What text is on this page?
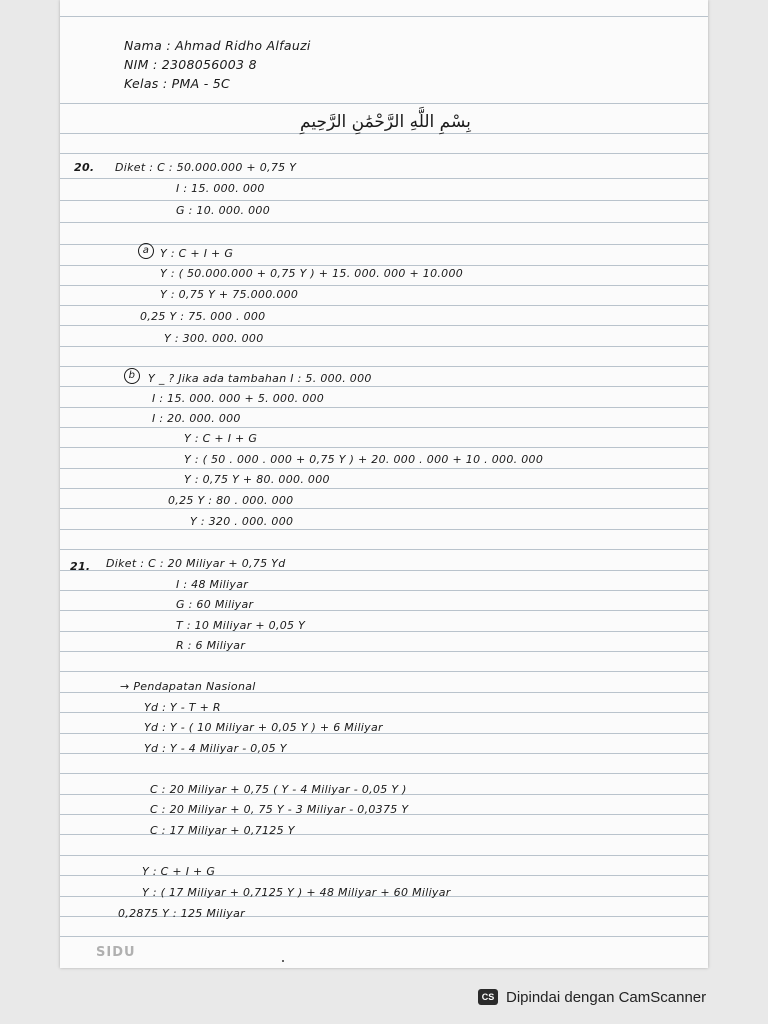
Nama : Ahmad Ridho Alfauzi
NIM : 2308056003 8
Kelas : PMA - 5C
بِسْمِ اللَّهِ الرَّحْمَٰنِ الرَّحِيمِ
20. Diket : C : 50.000.000 + 0,75 Y
I : 15. 000. 000
G : 10. 000. 000
a Y : C + I + G
Y : ( 50.000.000 + 0,75 Y ) + 15. 000. 000 + 10.000
Y : 0,75 Y + 75.000.000
0,25 Y : 75. 000 . 000
Y : 300. 000. 000
b	Y _ ? Jika ada tambahan I : 5. 000. 000
I : 15. 000. 000 + 5. 000. 000
I : 20. 000. 000
Y : C + I + G
Y : ( 50 . 000 . 000 + 0,75 Y ) + 20. 000 . 000 + 10 . 000. 000
Y : 0,75 Y + 80. 000. 000
0,25 Y : 80 . 000. 000
Y : 320 . 000. 000
21. Diket : C : 20 Miliyar + 0,75 Yd
I : 48 Miliyar
G : 60 Miliyar
T : 10 Miliyar + 0,05 Y
R : 6 Miliyar
→ Pendapatan Nasional
Yd : Y - T + R
Yd : Y - ( 10 Miliyar + 0,05 Y ) + 6 Miliyar
Yd : Y - 4 Miliyar - 0,05 Y
C : 20 Miliyar + 0,75 ( Y - 4 Miliyar - 0,05 Y )
C : 20 Miliyar + 0, 75 Y - 3 Miliyar - 0,0375 Y
C : 17 Miliyar + 0,7125 Y
Y : C + I + G
Y : ( 17 Miliyar + 0,7125 Y ) + 48 Miliyar + 60 Miliyar
0,2875 Y : 125 Miliyar
SIDU
CS Dipindai dengan CamScanner
